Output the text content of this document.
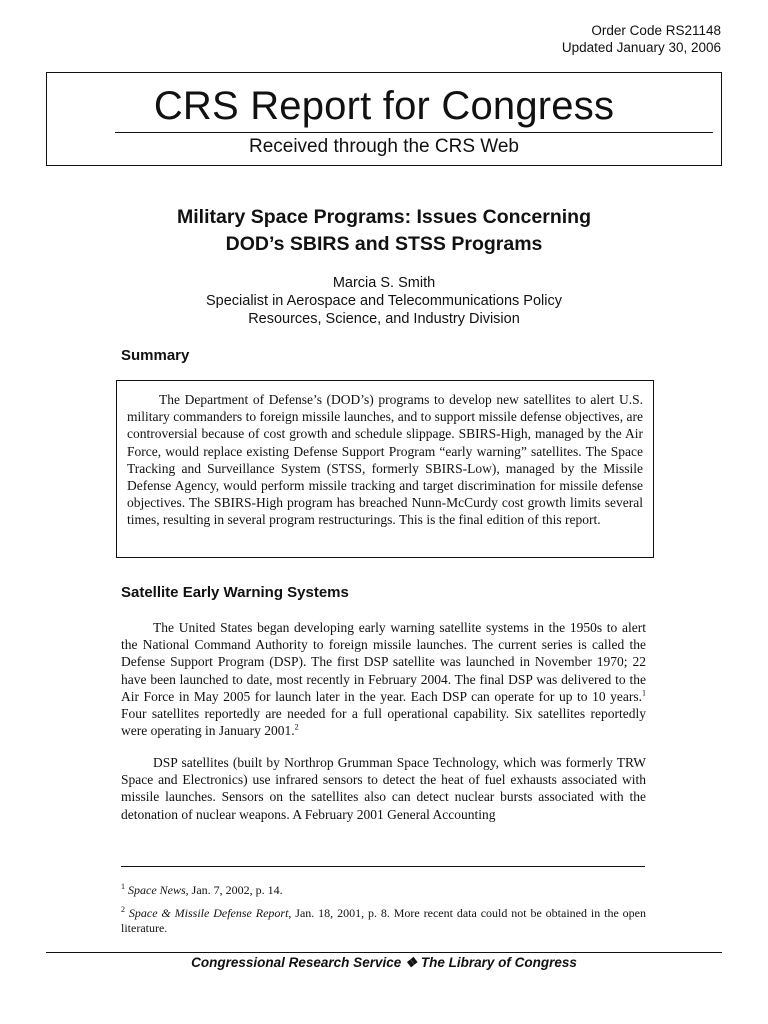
Order Code RS21148
Updated January 30, 2006
CRS Report for Congress
Received through the CRS Web
Military Space Programs: Issues Concerning
DOD’s SBIRS and STSS Programs
Marcia S. Smith
Specialist in Aerospace and Telecommunications Policy
Resources, Science, and Industry Division
Summary

The Department of Defense’s (DOD’s) programs to develop new satellites to alert U.S. military commanders to foreign missile launches, and to support missile defense objectives, are controversial because of cost growth and schedule slippage. SBIRS-High, managed by the Air Force, would replace existing Defense Support Program “early warning” satellites. The Space Tracking and Surveillance System (STSS, formerly SBIRS-Low), managed by the Missile Defense Agency, would perform missile tracking and target discrimination for missile defense objectives. The SBIRS-High program has breached Nunn-McCurdy cost growth limits several times, resulting in several program restructurings. This is the final edition of this report.

Satellite Early Warning Systems

The United States began developing early warning satellite systems in the 1950s to alert the National Command Authority to foreign missile launches. The current series is called the Defense Support Program (DSP). The first DSP satellite was launched in November 1970; 22 have been launched to date, most recently in February 2004. The final DSP was delivered to the Air Force in May 2005 for launch later in the year. Each DSP can operate for up to 10 years.$^1$ Four satellites reportedly are needed for a full operational capability. Six satellites reportedly were operating in January 2001.$^2$

DSP satellites (built by Northrop Grumman Space Technology, which was formerly TRW Space and Electronics) use infrared sensors to detect the heat of fuel exhausts associated with missile launches. Sensors on the satellites also can detect nuclear bursts associated with the detonation of nuclear weapons. A February 2001 General Accounting

$^1$ Space News, Jan. 7, 2002, p. 14.

$^2$ Space & Missile Defense Report, Jan. 18, 2001, p. 8. More recent data could not be obtained in the open literature.

Congressional Research Service ❖ The Library of Congress
